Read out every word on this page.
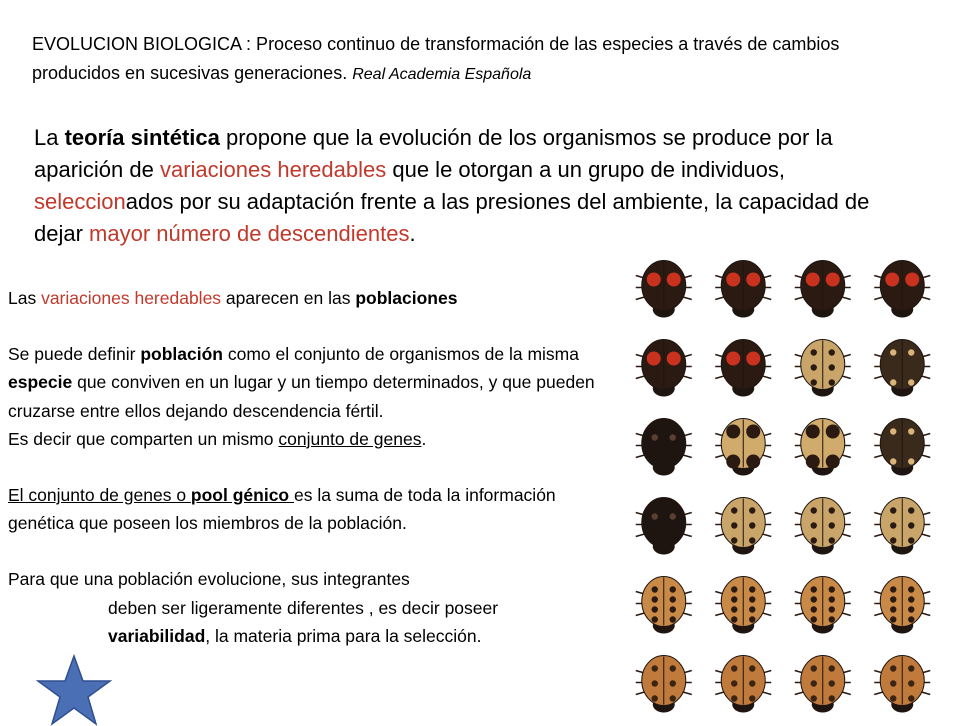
EVOLUCION BIOLOGICA : Proceso continuo de transformación de las especies a través de cambios producidos en sucesivas generaciones. Real Academia Española
La teoría sintética propone que la evolución de los organismos se produce por la aparición de variaciones heredables que le otorgan a un grupo de individuos, seleccionados por su adaptación frente a las presiones del ambiente, la capacidad de dejar mayor número de descendientes.

Las variaciones heredables aparecen en las poblaciones

Se puede definir población como el conjunto de organismos de la misma especie que conviven en un lugar y un tiempo determinados, y que pueden cruzarse entre ellos dejando descendencia fértil.

Es decir que comparten un mismo conjunto de genes.

El conjunto de genes o pool génico es la suma de toda la información genética que poseen los miembros de la población.

Para que una población evolucione, sus integrantes

deben ser ligeramente diferentes , es decir poseer

variabilidad, la materia prima para la selección.
